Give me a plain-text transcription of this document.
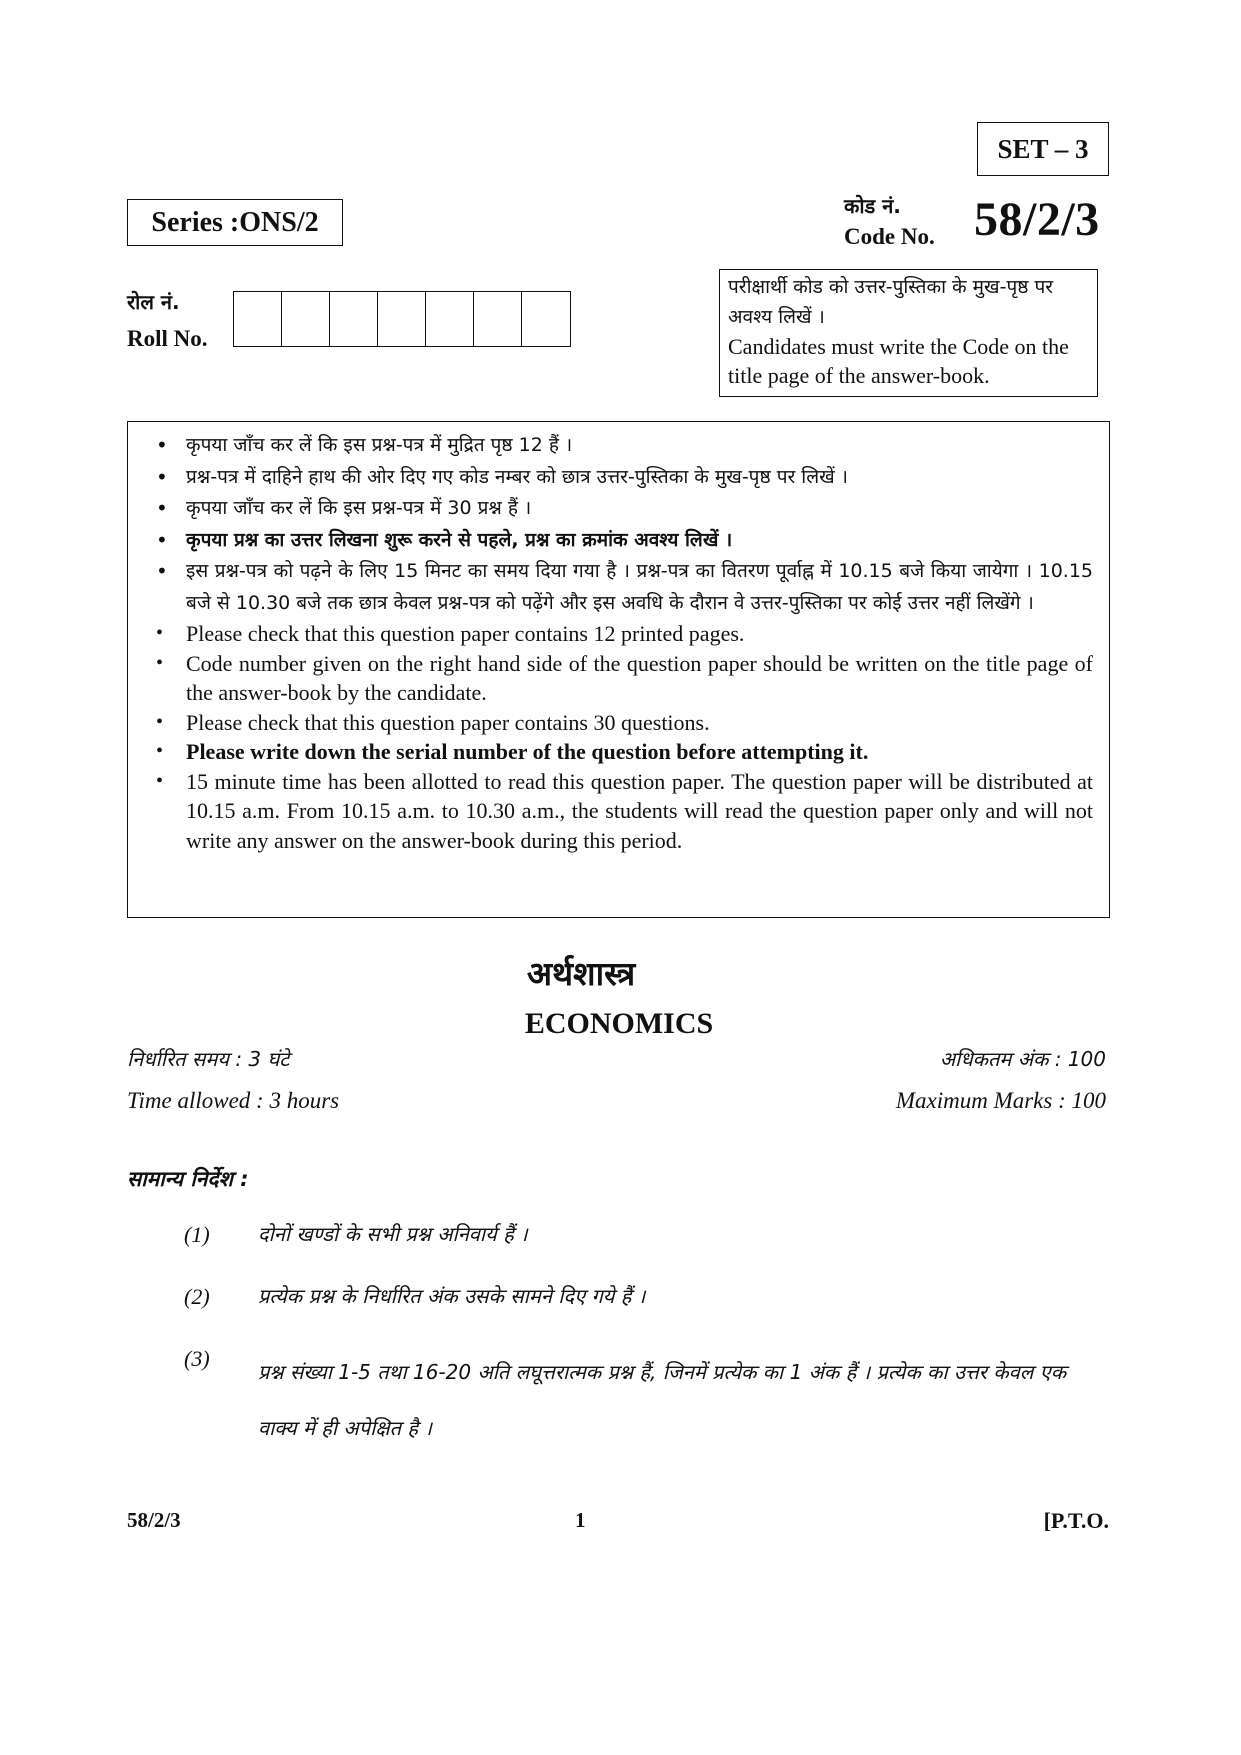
SET – 3
Series :ONS/2
कोड नं.
Code No. 58/2/3
रोल नं.
Roll No.
परीक्षार्थी कोड को उत्तर-पुस्तिका के मुख-पृष्ठ पर अवश्य लिखें ।
Candidates must write the Code on the title page of the answer-book.
• कृपया जाँच कर लें कि इस प्रश्न-पत्र में मुद्रित पृष्ठ 12 हैं ।
• प्रश्न-पत्र में दाहिने हाथ की ओर दिए गए कोड नम्बर को छात्र उत्तर-पुस्तिका के मुख-पृष्ठ पर लिखें ।
• कृपया जाँच कर लें कि इस प्रश्न-पत्र में 30 प्रश्न हैं ।
• कृपया प्रश्न का उत्तर लिखना शुरू करने से पहले, प्रश्न का क्रमांक अवश्य लिखें ।
• इस प्रश्न-पत्र को पढ़ने के लिए 15 मिनट का समय दिया गया है । प्रश्न-पत्र का वितरण पूर्वाह्न में 10.15 बजे किया जायेगा । 10.15 बजे से 10.30 बजे तक छात्र केवल प्रश्न-पत्र को पढ़ेंगे और इस अवधि के दौरान वे उत्तर-पुस्तिका पर कोई उत्तर नहीं लिखेंगे ।
• Please check that this question paper contains 12 printed pages.
• Code number given on the right hand side of the question paper should be written on the title page of the answer-book by the candidate.
• Please check that this question paper contains 30 questions.
• Please write down the serial number of the question before attempting it.
• 15 minute time has been allotted to read this question paper. The question paper will be distributed at 10.15 a.m. From 10.15 a.m. to 10.30 a.m., the students will read the question paper only and will not write any answer on the answer-book during this period.
अर्थशास्त्र
ECONOMICS
निर्धारित समय : 3 घंटे
Time allowed : 3 hours
अधिकतम अंक : 100
Maximum Marks : 100
सामान्य निर्देश :
(1) दोनों खण्डों के सभी प्रश्न अनिवार्य हैं ।
(2) प्रत्येक प्रश्न के निर्धारित अंक उसके सामने दिए गये हैं ।
(3)
प्रश्न संख्या 1-5 तथा 16-20 अति लघूत्तरात्मक प्रश्न हैं, जिनमें प्रत्येक का 1 अंक हैं । प्रत्येक का उत्तर केवल एक वाक्य में ही अपेक्षित है ।
58/2/3	1	[P.T.O.
